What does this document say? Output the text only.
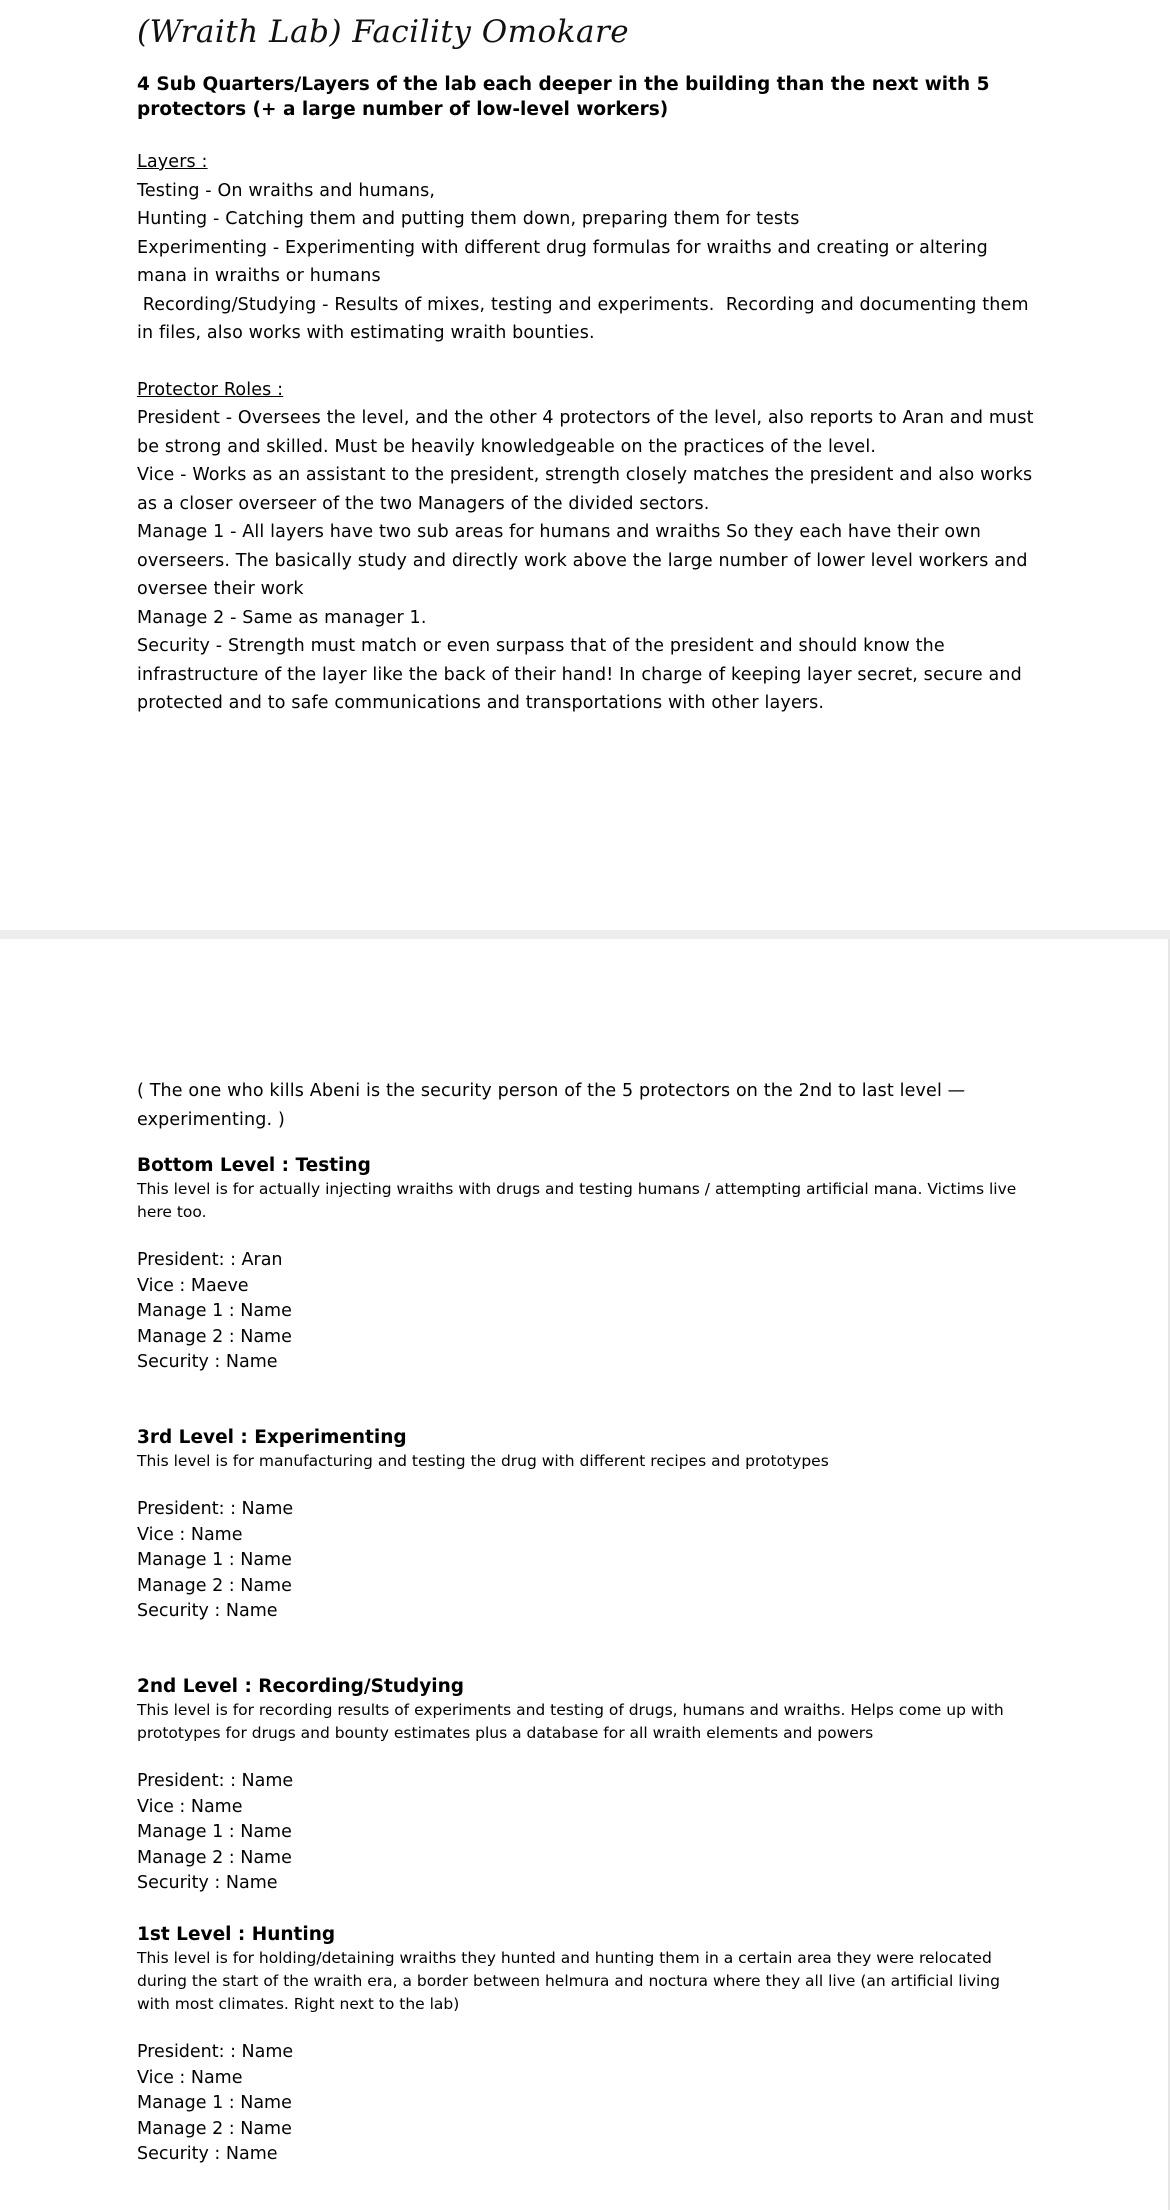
(Wraith Lab) Facility Omokare

4 Sub Quarters/Layers of the lab each deeper in the building than the next with 5 protectors (+ a large number of low-level workers)

Layers :
Testing - On wraiths and humans,
Hunting - Catching them and putting them down, preparing them for tests
Experimenting - Experimenting with different drug formulas for wraiths and creating or altering mana in wraiths or humans
Recording/Studying - Results of mixes, testing and experiments.  Recording and documenting them in files, also works with estimating wraith bounties.
Protector Roles :
President - Oversees the level, and the other 4 protectors of the level, also reports to Aran and must be strong and skilled. Must be heavily knowledgeable on the practices of the level.
Vice - Works as an assistant to the president, strength closely matches the president and also works as a closer overseer of the two Managers of the divided sectors.
Manage 1 - All layers have two sub areas for humans and wraiths So they each have their own overseers. The basically study and directly work above the large number of lower level workers and oversee their work
Manage 2 - Same as manager 1.
Security - Strength must match or even surpass that of the president and should know the infrastructure of the layer like the back of their hand! In charge of keeping layer secret, secure and protected and to safe communications and transportations with other layers.
( The one who kills Abeni is the security person of the 5 protectors on the 2nd to last level — experimenting. )
Bottom Level : Testing

This level is for actually injecting wraiths with drugs and testing humans / attempting artificial mana. Victims live here too.

President: : Aran
Vice : Maeve
Manage 1 : Name
Manage 2 : Name
Security : Name
3rd Level : Experimenting

This level is for manufacturing and testing the drug with different recipes and prototypes

President: : Name
Vice : Name
Manage 1 : Name
Manage 2 : Name
Security : Name
2nd Level : Recording/Studying

This level is for recording results of experiments and testing of drugs, humans and wraiths. Helps come up with prototypes for drugs and bounty estimates plus a database for all wraith elements and powers

President: : Name
Vice : Name
Manage 1 : Name
Manage 2 : Name
Security : Name
1st Level : Hunting

This level is for holding/detaining wraiths they hunted and hunting them in a certain area they were relocated during the start of the wraith era, a border between helmura and noctura where they all live (an artificial living with most climates. Right next to the lab)

President: : Name
Vice : Name
Manage 1 : Name
Manage 2 : Name
Security : Name
